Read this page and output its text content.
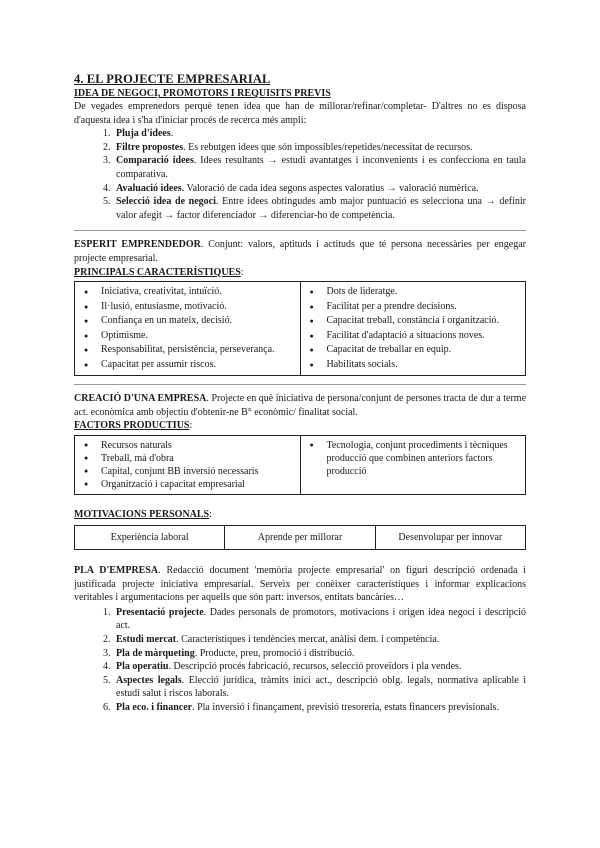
4. EL PROJECTE EMPRESARIAL
IDEA DE NEGOCI, PROMOTORS I REQUISITS PREVIS

De vegades emprenedors perquè tenen idea que han de millorar/refinar/completar- D'altres no es disposa d'aquesta idea i s'ha d'iniciar procés de recerca més ampli:

1. Pluja d'idees.
2. Filtre propostes. Es rebutgen idees que són impossibles/repetides/necessitat de recursos.
3. Comparació idees. Idees resultants → estudi avantatges i inconvenients i es confecciona en taula comparativa.
4. Avaluació idees. Valoració de cada idea segons aspectes valoratius → valoració numèrica.
5. Selecció idea de negoci. Entre idees obtingudes amb major puntuació es selecciona una → definir valor afegit → factor diferenciador → diferenciar-ho de competència.

ESPERIT EMPRENDEDOR. Conjunt: valors, aptituds i actituds que té persona necessàries per engegar projecte empresarial.

PRINCIPALS CARACTERÍSTIQUES:
● Iniciativa, creativitat, intuïció.
● Il·lusió, entusiasme, motivació.
● Confiança en un mateix, decisió.
● Optimisme.
● Responsabilitat, persistència, perseverança.
● Capacitat per assumir riscos.

● Dots de lideratge.
● Facilitat per a prendre decisions.
● Capacitat treball, constància i organització.
● Facilitat d'adaptació a situacions noves.
● Capacitat de treballar en equip.
● Habilitats socials.

CREACIÓ D'UNA EMPRESA. Projecte en què iniciativa de persona/conjunt de persones tracta de dur a terme act. econòmica amb objectiu d'obtenir-ne B° econòmic/ finalitat social.

FACTORS PRODUCTIUS:
● Recursos naturals
● Treball, mà d'obra
● Capital, conjunt BB inversió necessaris
● Organització i capacitat empresarial

● Tecnologia, conjunt procediments i tècniques producció que combinen anteriors factors producció
MOTIVACIONS PERSONALS:
Experiència laboral	Aprende per millorar	Desenvolupar per innovar

PLA D'EMPRESA. Redacció document 'memòria projecte empresarial' on figuri descripció ordenada i justificada projecte iniciativa empresarial. Serveix per conèixer característiques i informar explicacions veritables i argumentacions per aquells que són part: inversos, entitats bancàries…

1. Presentació projecte. Dades personals de promotors, motivacions i origen idea negoci i descripció act.
2. Estudi mercat. Característiques i tendències mercat, anàlisi dem. i competència.
3. Pla de màrqueting. Producte, preu, promoció i distribució.
4. Pla operatiu. Descripció procés fabricació, recursos, selecció proveïdors i pla vendes.
5. Aspectes legals. Elecció jurídica, tràmits inici act., descripció oblg. legals, normativa aplicable i estudi salut i riscos laborals.
6. Pla eco. i financer. Pla inversió i finançament, previsió tresoreria, estats financers previsionals.
